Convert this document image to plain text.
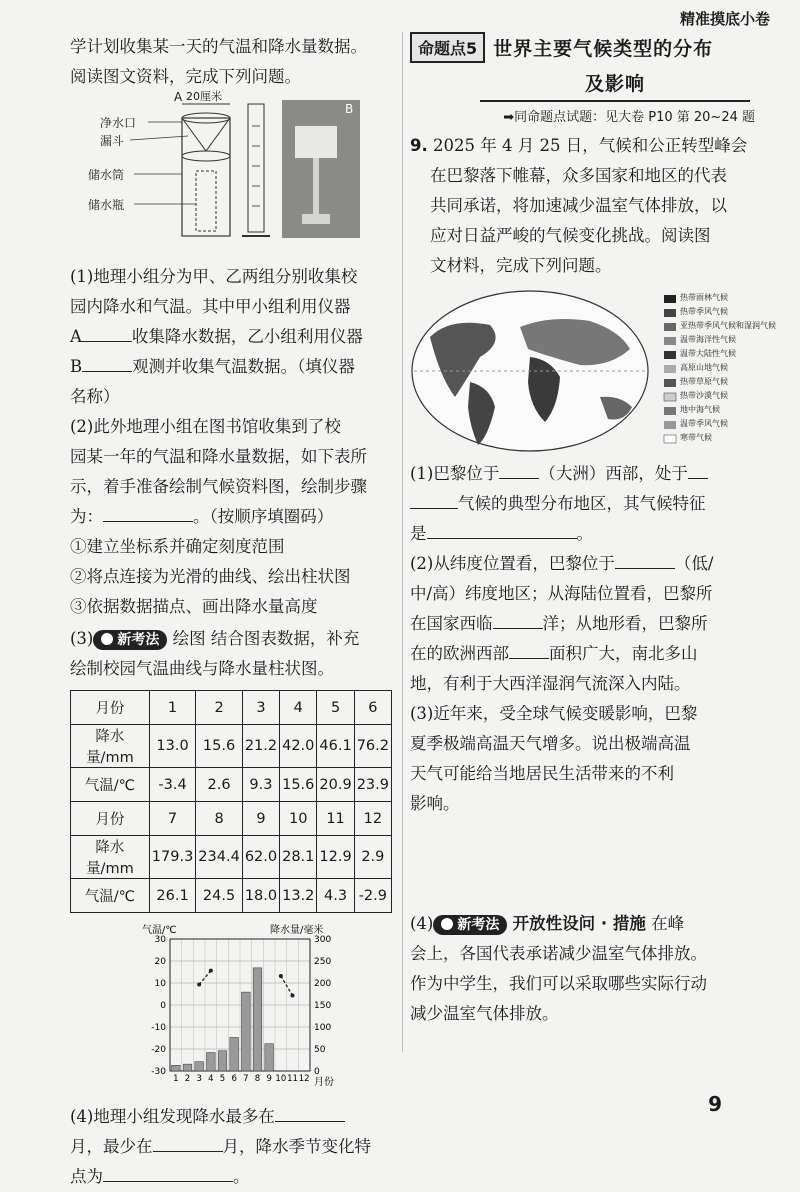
精准摸底小卷
学计划收集某一天的气温和降水量数据。
阅读图文资料，完成下列问题。
A 20厘米
净水口
漏斗
储水筒
储水瓶
B
(1)地理小组分为甲、乙两组分别收集校
园内降水和气温。其中甲小组利用仪器
A	收集降水数据，乙小组利用仪器
B	观测并收集气温数据。（填仪器
名称）
(2)此外地理小组在图书馆收集到了校
园某一年的气温和降水量数据，如下表所
示，着手准备绘制气候资料图，绘制步骤
为：	。（按顺序填圈码）
①建立坐标系并确定刻度范围
②将点连接为光滑的曲线、绘出柱状图
③依据数据描点、画出降水量高度
(3) 新考法 绘图 结合图表数据，补充
绘制校园气温曲线与降水量柱状图。
月份	1	2	3	4	5	6
降水量/mm	13.0	15.6	21.2	42.0	46.1	76.2
气温/℃	-3.4	2.6	9.3	15.6	20.9	23.9
月份	7	8	9	10	11	12
降水量/mm	179.3	234.4	62.0	28.1	12.9	2.9
气温/℃	26.1	24.5	18.0	13.2	4.3	-2.9
气温/℃	降水量/毫米
月份
30
20
10
0
-10
-20
-30
300
250
200
150
100
50
0
1 2 3 4 5 6 7 8 9 10 11 12
(4)地理小组发现降水最多在
月，最少在	月，降水季节变化特
点为	。
命题点5 世界主要气候类型的分布
及影响
➡同命题点试题：见大卷 P10 第 20~24 题
9. 2025 年 4 月 25 日，气候和公正转型峰会
在巴黎落下帷幕，众多国家和地区的代表
共同承诺，将加速减少温室气体排放，以
应对日益严峻的气候变化挑战。阅读图
文材料，完成下列问题。
热带雨林气候
热带季风气候
亚热带季风气候和湿润气候
温带海洋性气候
温带大陆性气候
高原山地气候
热带草原气候
热带沙漠气候
地中海气候
温带季风气候
寒带气候
(1)巴黎位于 （大洲）西部，处于
气候的典型分布地区，其气候特征
是	。
(2)从纬度位置看，巴黎位于	（低/
中/高）纬度地区；从海陆位置看，巴黎所
在国家西临	洋；从地形看，巴黎所
在的欧洲西部 面积广大，南北多山
地，有利于大西洋湿润气流深入内陆。
(3)近年来，受全球气候变暖影响，巴黎
夏季极端高温天气增多。说出极端高温
天气可能给当地居民生活带来的不利
影响。
(4) 新考法 开放性设问 · 措施 在峰
会上，各国代表承诺减少温室气体排放。
作为中学生，我们可以采取哪些实际行动
减少温室气体排放。
9
